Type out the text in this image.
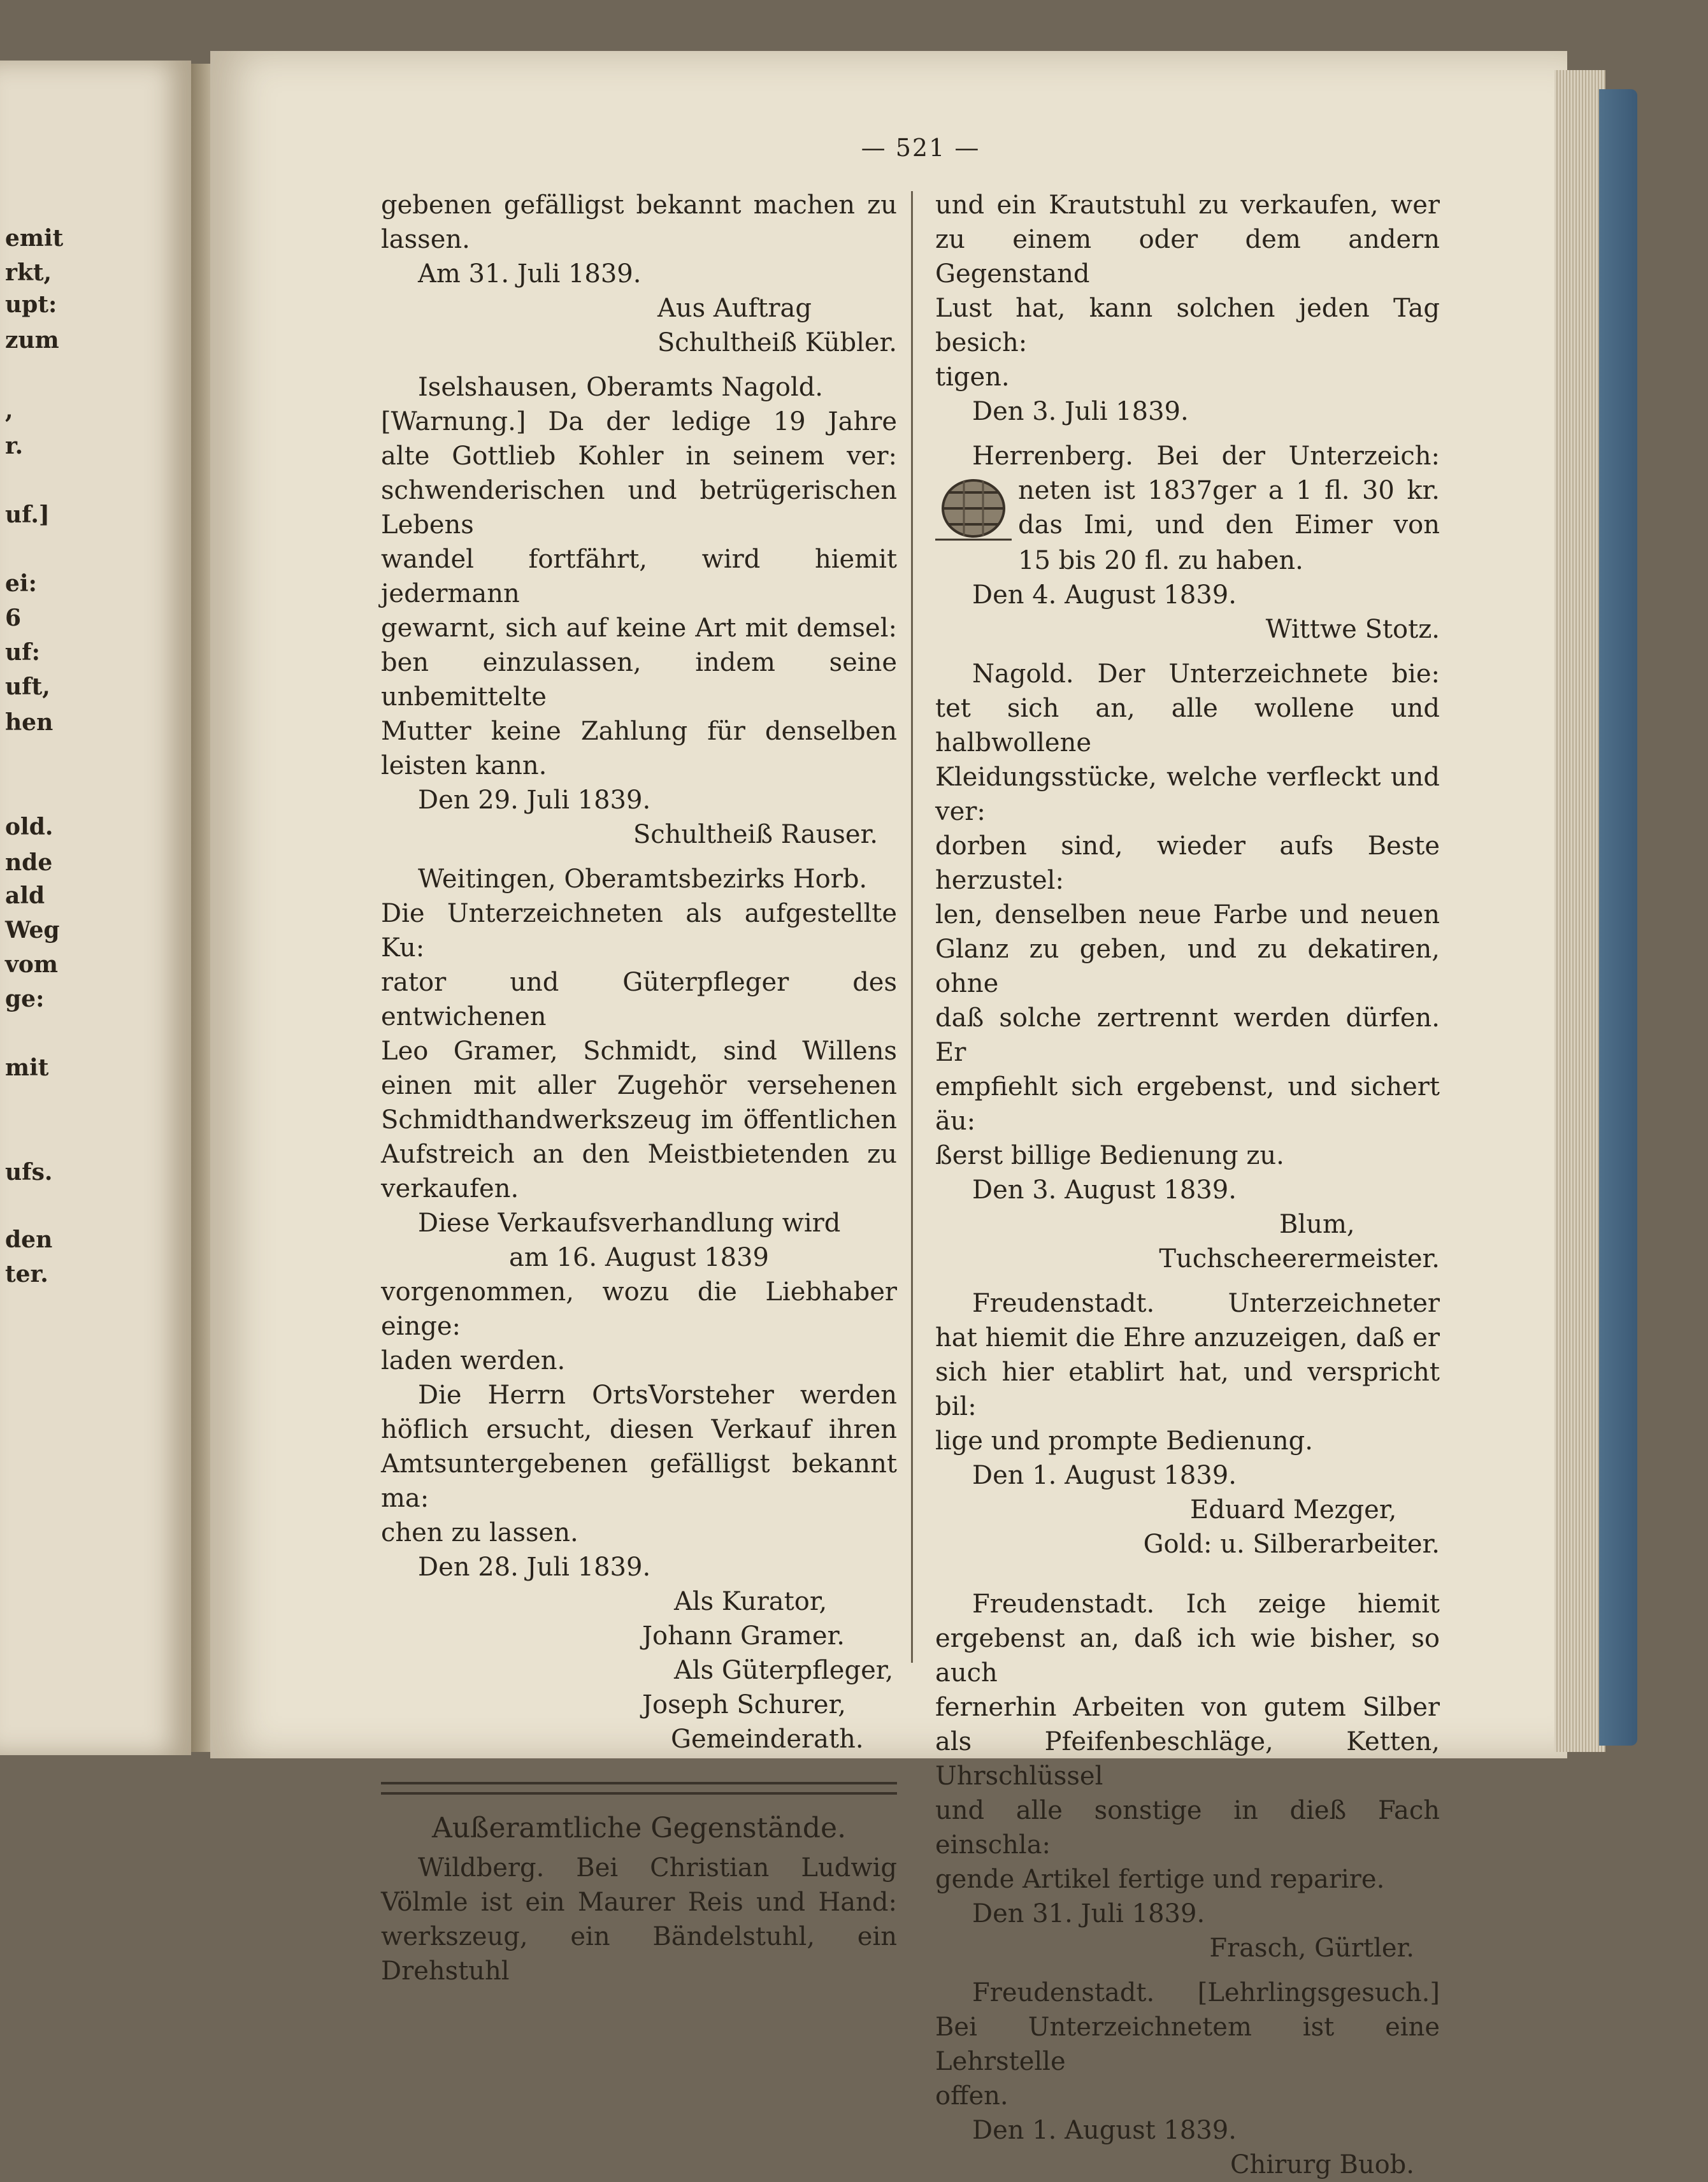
emit
rkt,
upt:
zum
,
r.
uf.]
ei:
6
uf:
uft,
hen
old.
nde
ald
Weg
vom
ge:
mit
ufs.
den
ter.
— 521 —

gebenen gefälligst bekannt machen zu

lassen.

Am 31. Juli 1839.

Aus Auftrag

Schultheiß Kübler.

Iselshausen, Oberamts Nagold.

[Warnung.] Da der ledige 19 Jahre

alte Gottlieb Kohler in seinem ver:

schwenderischen und betrügerischen Lebens

wandel fortfährt, wird hiemit jedermann

gewarnt, sich auf keine Art mit demsel:

ben einzulassen, indem seine unbemittelte

Mutter keine Zahlung für denselben

leisten kann.

Den 29. Juli 1839.

Schultheiß Rauser.

Weitingen, Oberamtsbezirks Horb.

Die Unterzeichneten als aufgestellte Ku:

rator und Güterpfleger des entwichenen

Leo Gramer, Schmidt, sind Willens

einen mit aller Zugehör versehenen

Schmidthandwerkszeug im öffentlichen

Aufstreich an den Meistbietenden zu

verkaufen.

Diese Verkaufsverhandlung wird

am 16. August 1839

vorgenommen, wozu die Liebhaber einge:

laden werden.

Die Herrn OrtsVorsteher werden

höflich ersucht, diesen Verkauf ihren

Amtsuntergebenen gefälligst bekannt ma:

chen zu lassen.

Den 28. Juli 1839.

Als Kurator,

Johann Gramer.

Als Güterpfleger,

Joseph Schurer,

Gemeinderath.

Außeramtliche Gegenstände.

Wildberg. Bei Christian Ludwig

Völmle ist ein Maurer Reis und Hand:

werkszeug, ein Bändelstuhl, ein Drehstuhl

und ein Krautstuhl zu verkaufen, wer

zu einem oder dem andern Gegenstand

Lust hat, kann solchen jeden Tag besich:

tigen.

Den 3. Juli 1839.

Herrenberg. Bei der Unterzeich:

neten ist 1837ger a 1 fl. 30 kr.

das Imi, und den Eimer von

15 bis 20 fl. zu haben.

Den 4. August 1839.

Wittwe Stotz.

Nagold. Der Unterzeichnete bie:

tet sich an, alle wollene und halbwollene

Kleidungsstücke, welche verfleckt und ver:

dorben sind, wieder aufs Beste herzustel:

len, denselben neue Farbe und neuen

Glanz zu geben, und zu dekatiren, ohne

daß solche zertrennt werden dürfen. Er

empfiehlt sich ergebenst, und sichert äu:

ßerst billige Bedienung zu.

Den 3. August 1839.

Blum,

Tuchscheerermeister.

Freudenstadt. Unterzeichneter

hat hiemit die Ehre anzuzeigen, daß er

sich hier etablirt hat, und verspricht bil:

lige und prompte Bedienung.

Den 1. August 1839.

Eduard Mezger,

Gold: u. Silberarbeiter.

Freudenstadt. Ich zeige hiemit

ergebenst an, daß ich wie bisher, so auch

fernerhin Arbeiten von gutem Silber

als Pfeifenbeschläge, Ketten, Uhrschlüssel

und alle sonstige in dieß Fach einschla:

gende Artikel fertige und reparire.

Den 31. Juli 1839.

Frasch, Gürtler.

Freudenstadt. [Lehrlingsgesuch.]

Bei Unterzeichnetem ist eine Lehrstelle

offen.

Den 1. August 1839.

Chirurg Buob.
